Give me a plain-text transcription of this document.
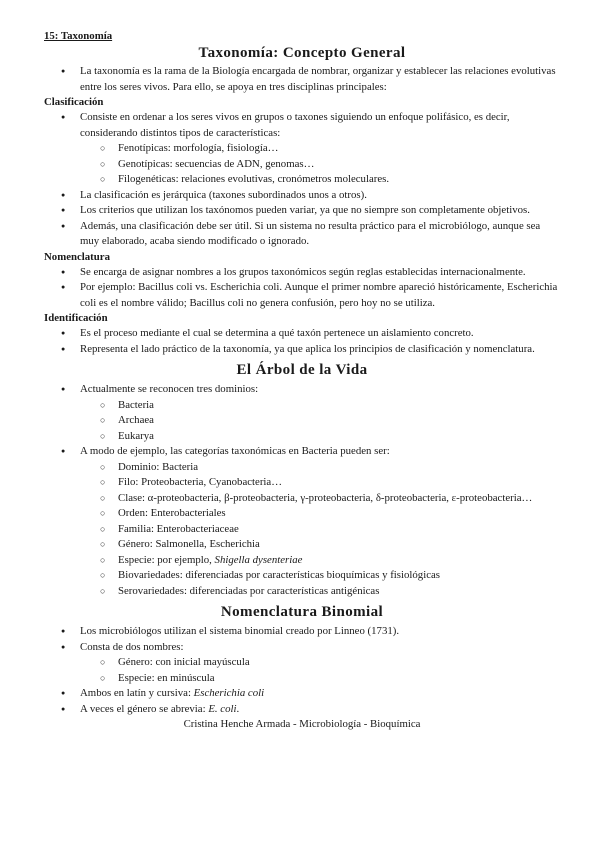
15: Taxonomía
Taxonomía: Concepto General
● La taxonomía es la rama de la Biología encargada de nombrar, organizar y establecer las relaciones evolutivas entre los seres vivos. Para ello, se apoya en tres disciplinas principales:
Clasificación
● Consiste en ordenar a los seres vivos en grupos o taxones siguiendo un enfoque polifásico, es decir, considerando distintos tipos de características:
○ Fenotípicas: morfología, fisiología…
○ Genotípicas: secuencias de ADN, genomas…
○ Filogenéticas: relaciones evolutivas, cronómetros moleculares.
● La clasificación es jerárquica (taxones subordinados unos a otros).
● Los criterios que utilizan los taxónomos pueden variar, ya que no siempre son completamente objetivos.
● Además, una clasificación debe ser útil. Si un sistema no resulta práctico para el microbiólogo, aunque sea muy elaborado, acaba siendo modificado o ignorado.
Nomenclatura
● Se encarga de asignar nombres a los grupos taxonómicos según reglas establecidas internacionalmente.
● Por ejemplo: Bacillus coli vs. Escherichia coli. Aunque el primer nombre apareció históricamente, Escherichia coli es el nombre válido; Bacillus coli no genera confusión, pero hoy no se utiliza.
Identificación
● Es el proceso mediante el cual se determina a qué taxón pertenece un aislamiento concreto.
● Representa el lado práctico de la taxonomía, ya que aplica los principios de clasificación y nomenclatura.
El Árbol de la Vida
● Actualmente se reconocen tres dominios:
○ Bacteria
○ Archaea
○ Eukarya
● A modo de ejemplo, las categorías taxonómicas en Bacteria pueden ser:
○ Dominio: Bacteria
○ Filo: Proteobacteria, Cyanobacteria…
○ Clase: α-proteobacteria, β-proteobacteria, γ-proteobacteria, δ-proteobacteria, ε-proteobacteria…
○ Orden: Enterobacteriales
○ Familia: Enterobacteriaceae
○ Género: Salmonella, Escherichia
○ Especie: por ejemplo, Shigella dysenteriae
○ Biovariedades: diferenciadas por características bioquímicas y fisiológicas
○ Serovariedades: diferenciadas por características antigénicas
Nomenclatura Binomial
● Los microbiólogos utilizan el sistema binomial creado por Linneo (1731).
● Consta de dos nombres:
○ Género: con inicial mayúscula
○ Especie: en minúscula
● Ambos en latín y cursiva: Escherichia coli
● A veces el género se abrevia: E. coli.
Cristina Henche Armada - Microbiología - Bioquímica
